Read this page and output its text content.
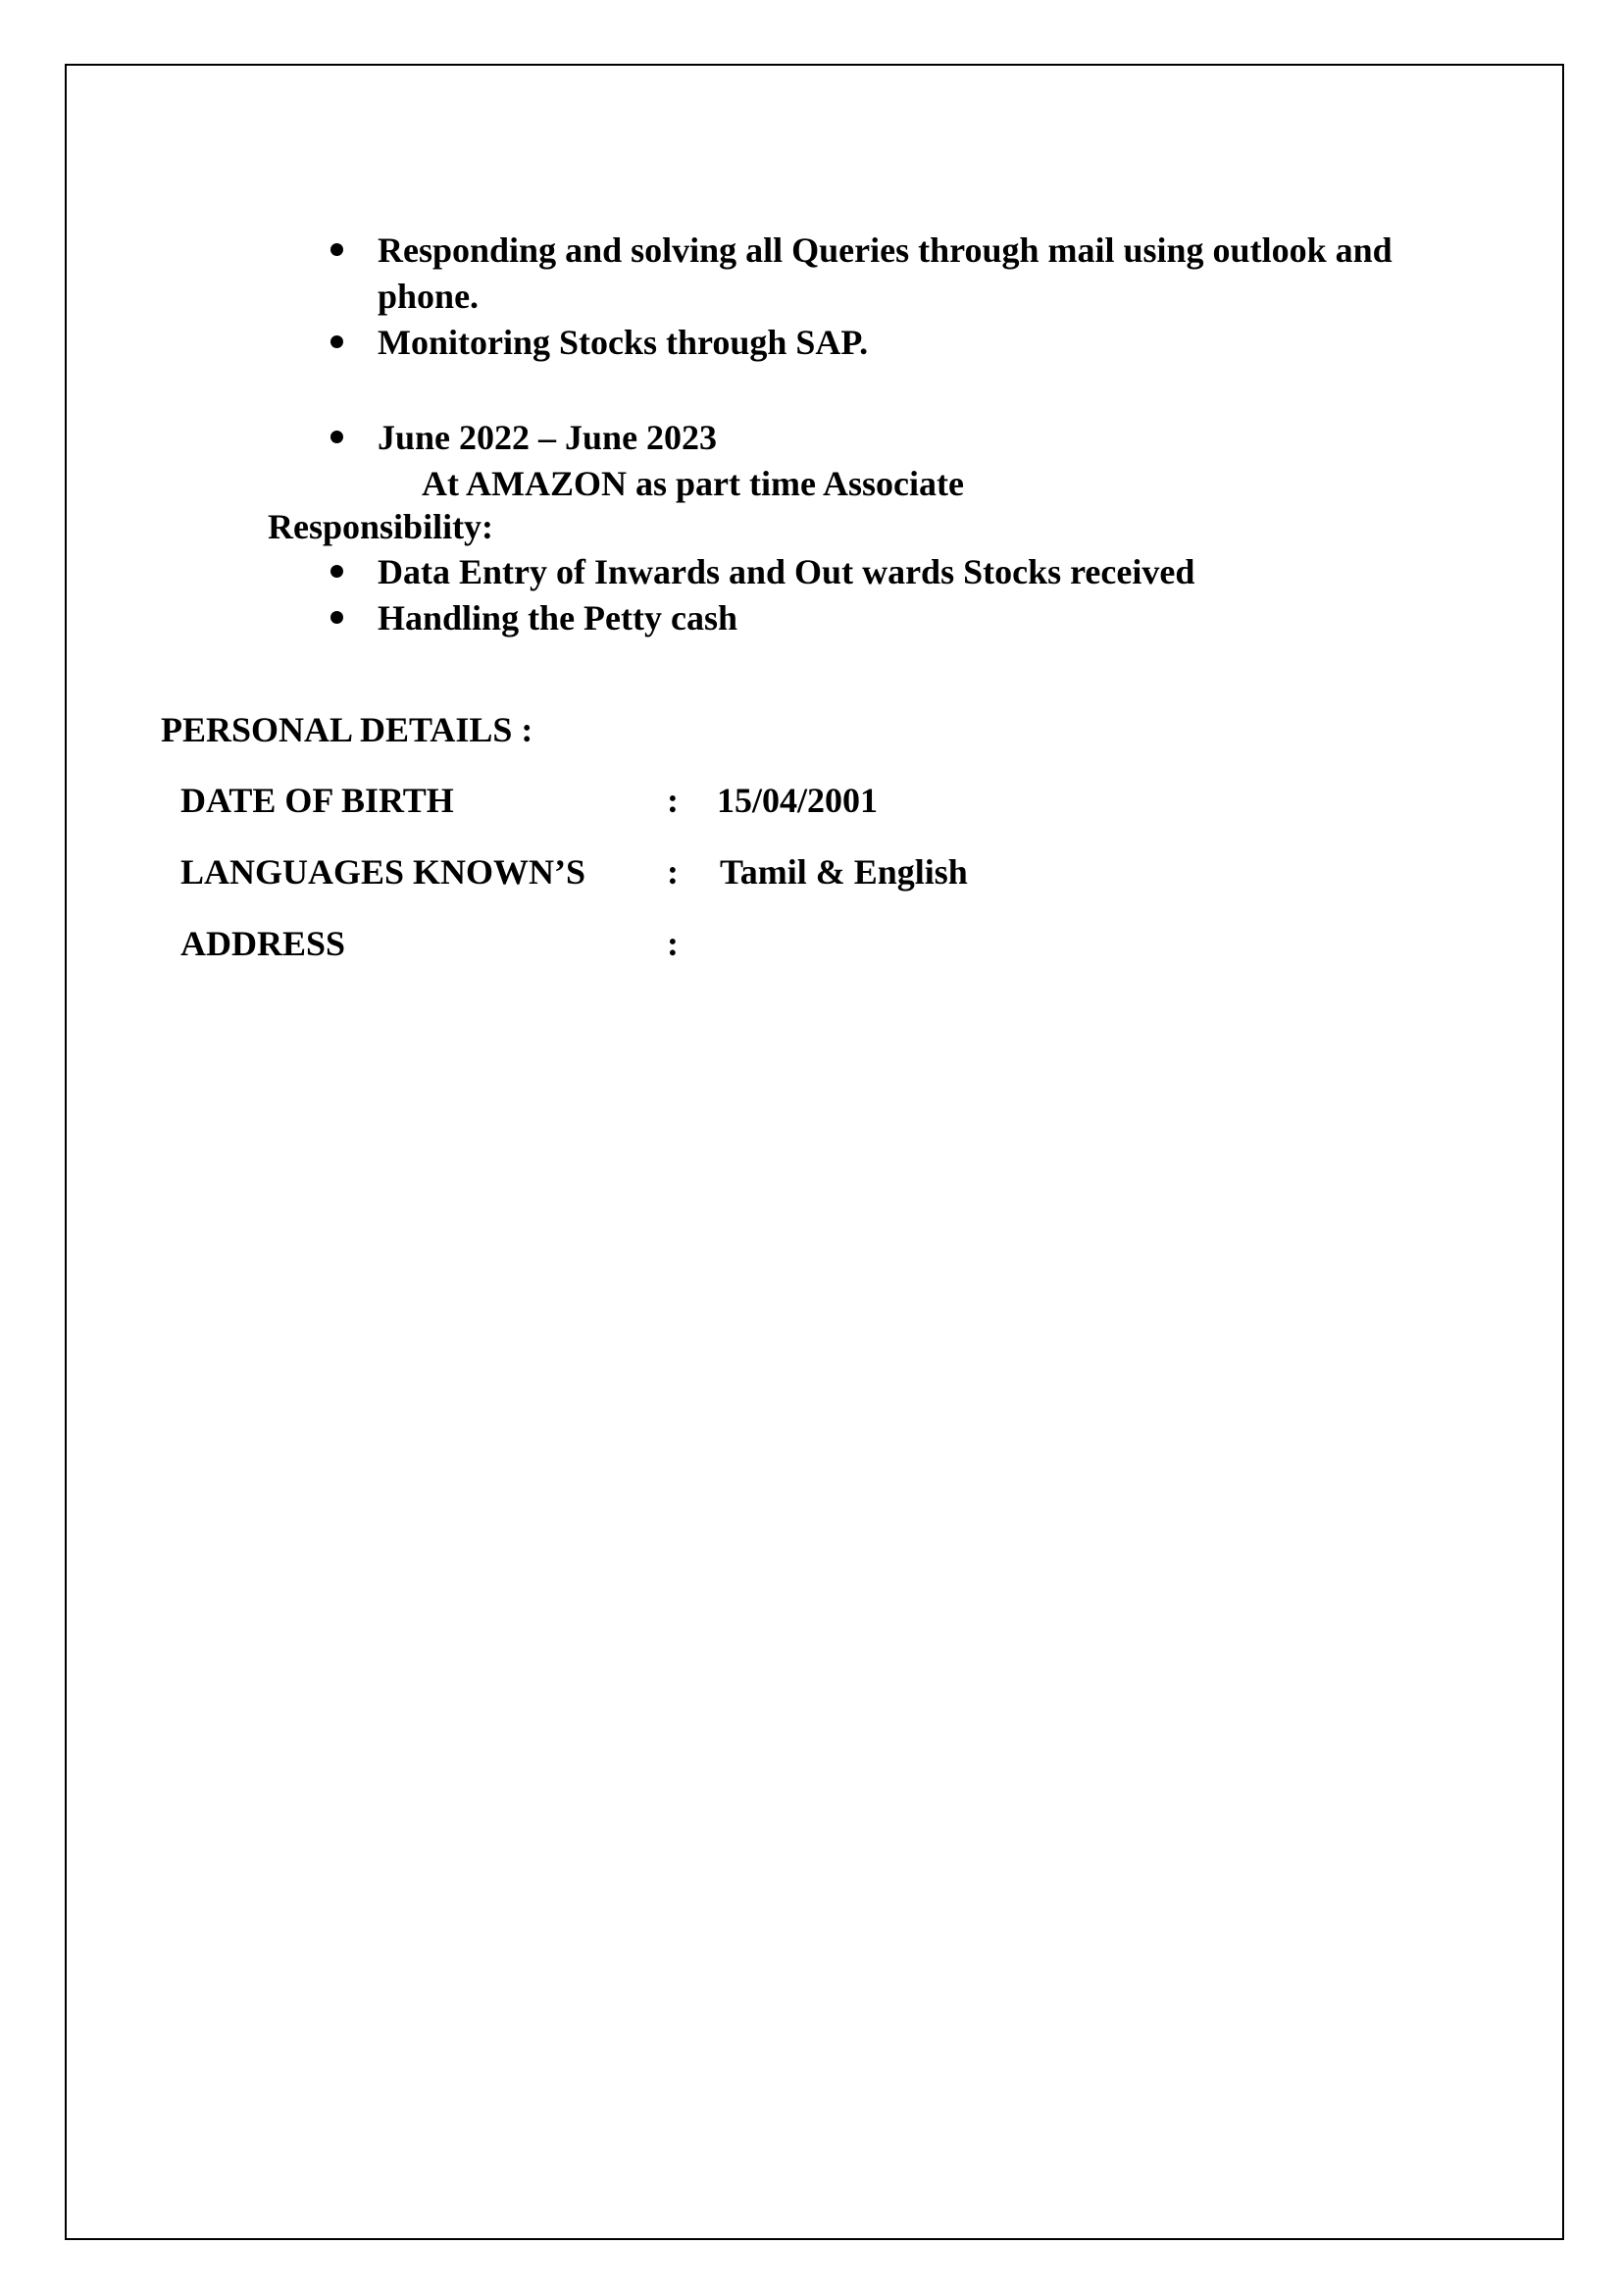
Responding and solving all Queries through mail using outlook and phone.
Monitoring Stocks through SAP.
June 2022 – June 2023
At AMAZON as part time Associate
Responsibility:
Data Entry of Inwards and Out wards Stocks received
Handling the Petty cash
PERSONAL DETAILS :
DATE OF BIRTH	: 15/04/2001
LANGUAGES KNOWN’S : Tamil & English
ADDRESS	:
